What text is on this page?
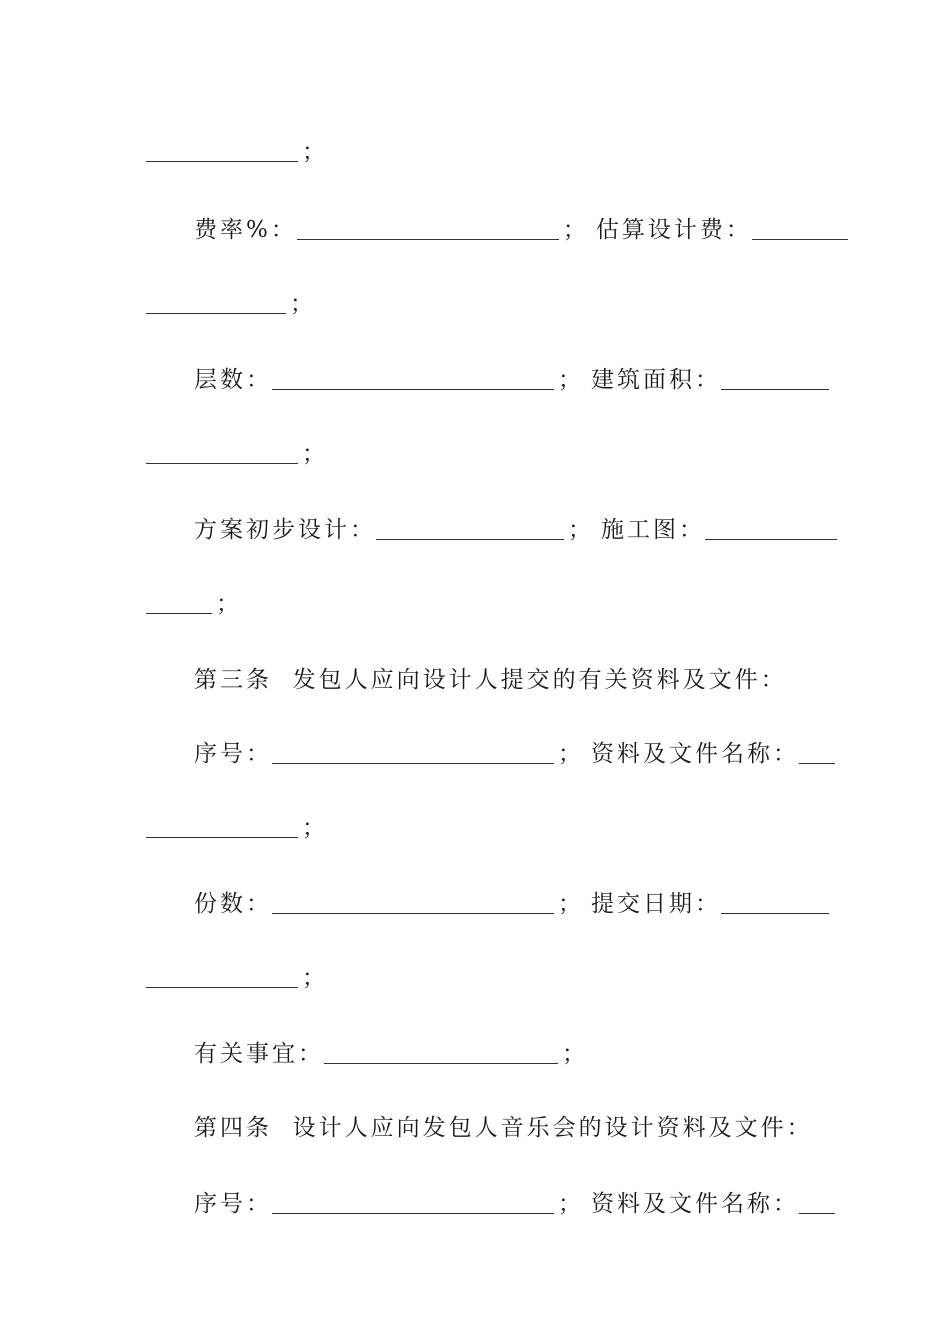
；
费率%：	； 估算设计费：
；
层数：	； 建筑面积：
；
方案初步设计：	； 施工图：
；
第三条  发包人应向设计人提交的有关资料及文件：
序号：	； 资料及文件名称：
；
份数：	； 提交日期：
；
有关事宜：	；
第四条  设计人应向发包人音乐会的设计资料及文件：
序号：	； 资料及文件名称：
